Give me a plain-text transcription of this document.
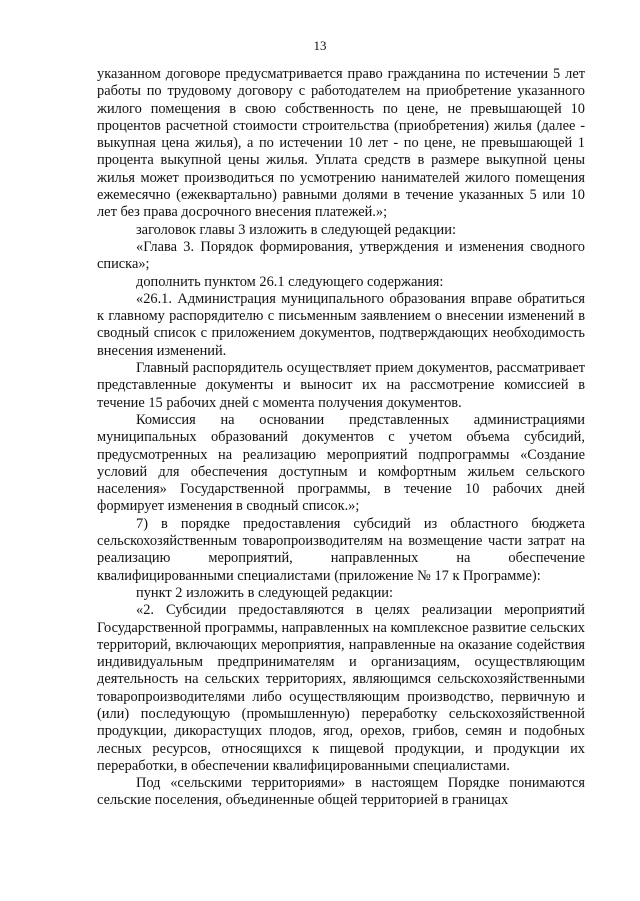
13

указанном договоре предусматривается право гражданина по истечении 5 лет работы по трудовому договору с работодателем на приобретение указанного жилого помещения в свою собственность по цене, не превышающей 10 процентов расчетной стоимости строительства (приобретения) жилья (далее - выкупная цена жилья), а по истечении 10 лет - по цене, не превышающей 1 процента выкупной цены жилья. Уплата средств в размере выкупной цены жилья может производиться по усмотрению нанимателей жилого помещения ежемесячно (ежеквартально) равными долями в течение указанных 5 или 10 лет без права досрочного внесения платежей.»;

заголовок главы 3 изложить в следующей редакции:

«Глава 3. Порядок формирования, утверждения и изменения сводного списка»;

дополнить пунктом 26.1 следующего содержания:

«26.1. Администрация муниципального образования вправе обратиться к главному распорядителю с письменным заявлением о внесении изменений в сводный список с приложением документов, подтверждающих необходимость внесения изменений.

Главный распорядитель осуществляет прием документов, рассматривает представленные документы и выносит их на рассмотрение комиссией в течение 15 рабочих дней с момента получения документов.

Комиссия на основании представленных администрациями муниципальных образований документов с учетом объема субсидий, предусмотренных на реализацию мероприятий подпрограммы «Создание условий для обеспечения доступным и комфортным жильем сельского населения» Государственной программы, в течение 10 рабочих дней формирует изменения в сводный список.»;

7) в порядке предоставления субсидий из областного бюджета сельскохозяйственным товаропроизводителям на возмещение части затрат на реализацию мероприятий, направленных на обеспечение квалифицированными специалистами (приложение № 17 к Программе):

пункт 2 изложить в следующей редакции:

«2. Субсидии предоставляются в целях реализации мероприятий Государственной программы, направленных на комплексное развитие сельских территорий, включающих мероприятия, направленные на оказание содействия индивидуальным предпринимателям и организациям, осуществляющим деятельность на сельских территориях, являющимся сельскохозяйственными товаропроизводителями либо осуществляющим производство, первичную и (или) последующую (промышленную) переработку сельскохозяйственной продукции, дикорастущих плодов, ягод, орехов, грибов, семян и подобных лесных ресурсов, относящихся к пищевой продукции, и продукции их переработки, в обеспечении квалифицированными специалистами.

Под «сельскими территориями» в настоящем Порядке понимаются сельские поселения, объединенные общей территорией в границах
